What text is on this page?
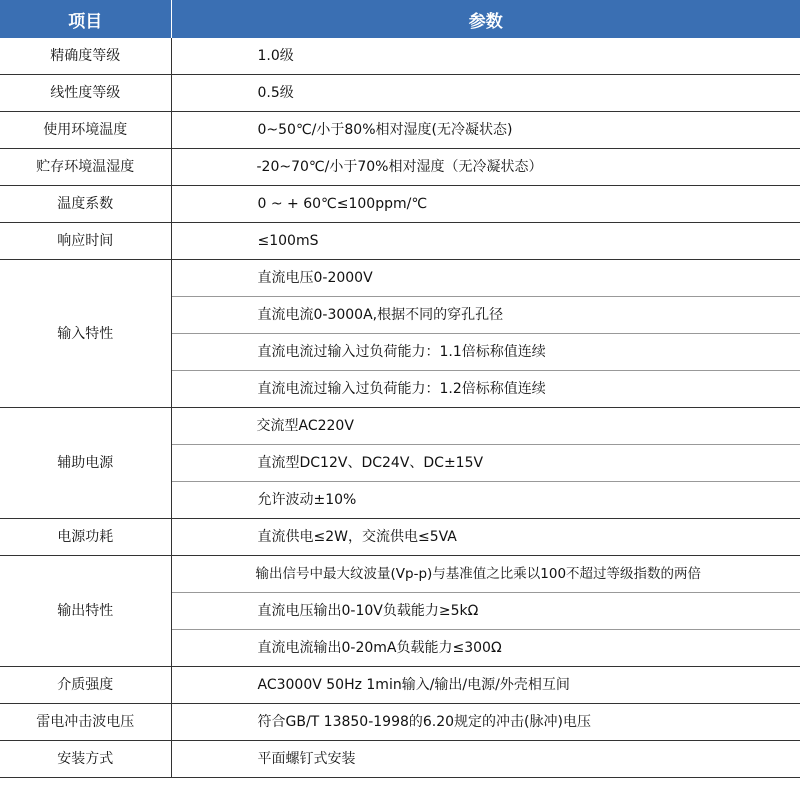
项目	参数
精确度等级	1.0级
线性度等级	0.5级
使用环境温度	0~50℃/小于80%相对湿度(无冷凝状态)
贮存环境温湿度	-20~70℃/小于70%相对湿度（无冷凝状态）
温度系数	0 ~ + 60℃≤100ppm/℃
响应时间	≤100mS
输入特性	直流电压0-2000V
	直流电流0-3000A,根据不同的穿孔孔径
	直流电流过输入过负荷能力：1.1倍标称值连续
	直流电流过输入过负荷能力：1.2倍标称值连续
辅助电源	交流型AC220V
	直流型DC12V、DC24V、DC±15V
	允许波动±10%
电源功耗	直流供电≤2W，交流供电≤5VA
输出特性	输出信号中最大纹波量(Vp-p)与基准值之比乘以100不超过等级指数的两倍
	直流电压输出0-10V负载能力≥5kΩ
	直流电流输出0-20mA负载能力≤300Ω
介质强度	AC3000V 50Hz 1min输入/输出/电源/外壳相互间
雷电冲击波电压	符合GB/T 13850-1998的6.20规定的冲击(脉冲)电压
安装方式	平面螺钉式安装
